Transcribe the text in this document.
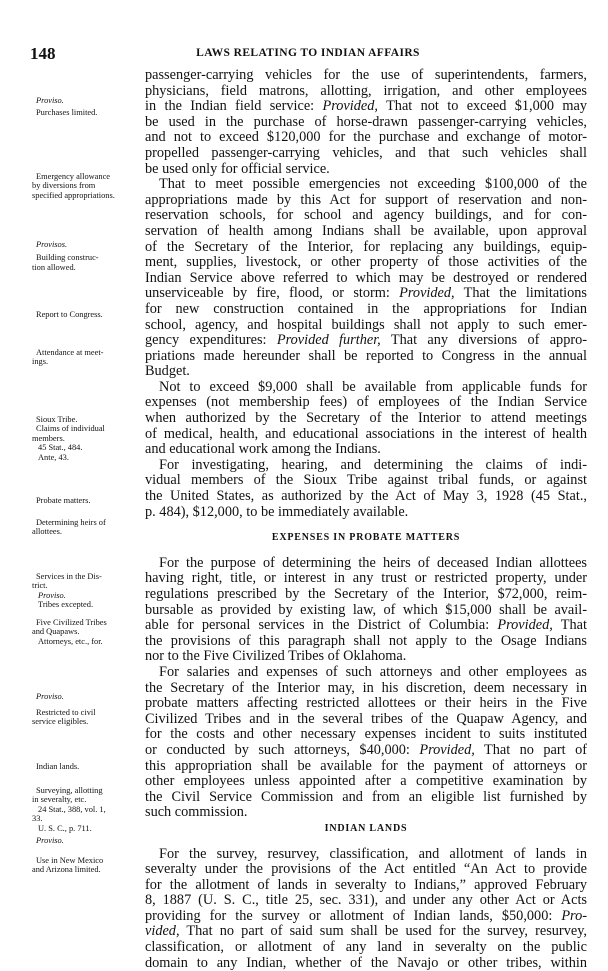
148	LAWS RELATING TO INDIAN AFFAIRS
Proviso.
Purchases limited.
Emergency allowance
by diversions from
specified appropriations.
Provisos.
Building construc-
tion allowed.
Report to Congress.
Attendance at meet-
ings.
Sioux Tribe.
Claims of individual
members.
45 Stat., 484.
Ante, 43.
Probate matters.
Determining heirs of
allottees.
Services in the Dis-
trict.
Proviso.
Tribes excepted.
Five Civilized Tribes
and Quapaws.
Attorneys, etc., for.
Proviso.
Restricted to civil
service eligibles.
Indian lands.
Surveying, allotting
in severalty, etc.
24 Stat., 388, vol. 1,
33.
U. S. C., p. 711.
Proviso.
Use in New Mexico
and Arizona limited.
passenger-carrying vehicles for the use of superintendents, farmers,
physicians, field matrons, allotting, irrigation, and other employees
in the Indian field service: Provided, That not to exceed $1,000 may
be used in the purchase of horse-drawn passenger-carrying vehicles,
and not to exceed $120,000 for the purchase and exchange of motor-
propelled passenger-carrying vehicles, and that such vehicles shall
be used only for official service.
That to meet possible emergencies not exceeding $100,000 of the
appropriations made by this Act for support of reservation and non-
reservation schools, for school and agency buildings, and for con-
servation of health among Indians shall be available, upon approval
of the Secretary of the Interior, for replacing any buildings, equip-
ment, supplies, livestock, or other property of those activities of the
Indian Service above referred to which may be destroyed or rendered
unserviceable by fire, flood, or storm: Provided, That the limitations
for new construction contained in the appropriations for Indian
school, agency, and hospital buildings shall not apply to such emer-
gency expenditures: Provided further, That any diversions of appro-
priations made hereunder shall be reported to Congress in the annual
Budget.
Not to exceed $9,000 shall be available from applicable funds for
expenses (not membership fees) of employees of the Indian Service
when authorized by the Secretary of the Interior to attend meetings
of medical, health, and educational associations in the interest of health
and educational work among the Indians.
For investigating, hearing, and determining the claims of indi-
vidual members of the Sioux Tribe against tribal funds, or against
the United States, as authorized by the Act of May 3, 1928 (45 Stat.,
p. 484), $12,000, to be immediately available.
EXPENSES IN PROBATE MATTERS
For the purpose of determining the heirs of deceased Indian allottees
having right, title, or interest in any trust or restricted property, under
regulations prescribed by the Secretary of the Interior, $72,000, reim-
bursable as provided by existing law, of which $15,000 shall be avail-
able for personal services in the District of Columbia: Provided, That
the provisions of this paragraph shall not apply to the Osage Indians
nor to the Five Civilized Tribes of Oklahoma.
For salaries and expenses of such attorneys and other employees as
the Secretary of the Interior may, in his discretion, deem necessary in
probate matters affecting restricted allottees or their heirs in the Five
Civilized Tribes and in the several tribes of the Quapaw Agency, and
for the costs and other necessary expenses incident to suits instituted
or conducted by such attorneys, $40,000: Provided, That no part of
this appropriation shall be available for the payment of attorneys or
other employees unless appointed after a competitive examination by
the Civil Service Commission and from an eligible list furnished by
such commission.
INDIAN LANDS
For the survey, resurvey, classification, and allotment of lands in
severalty under the provisions of the Act entitled “An Act to provide
for the allotment of lands in severalty to Indians,” approved February
8, 1887 (U. S. C., title 25, sec. 331), and under any other Act or Acts
providing for the survey or allotment of Indian lands, $50,000: Pro-
vided, That no part of said sum shall be used for the survey, resurvey,
classification, or allotment of any land in severalty on the public
domain to any Indian, whether of the Navajo or other tribes, within
